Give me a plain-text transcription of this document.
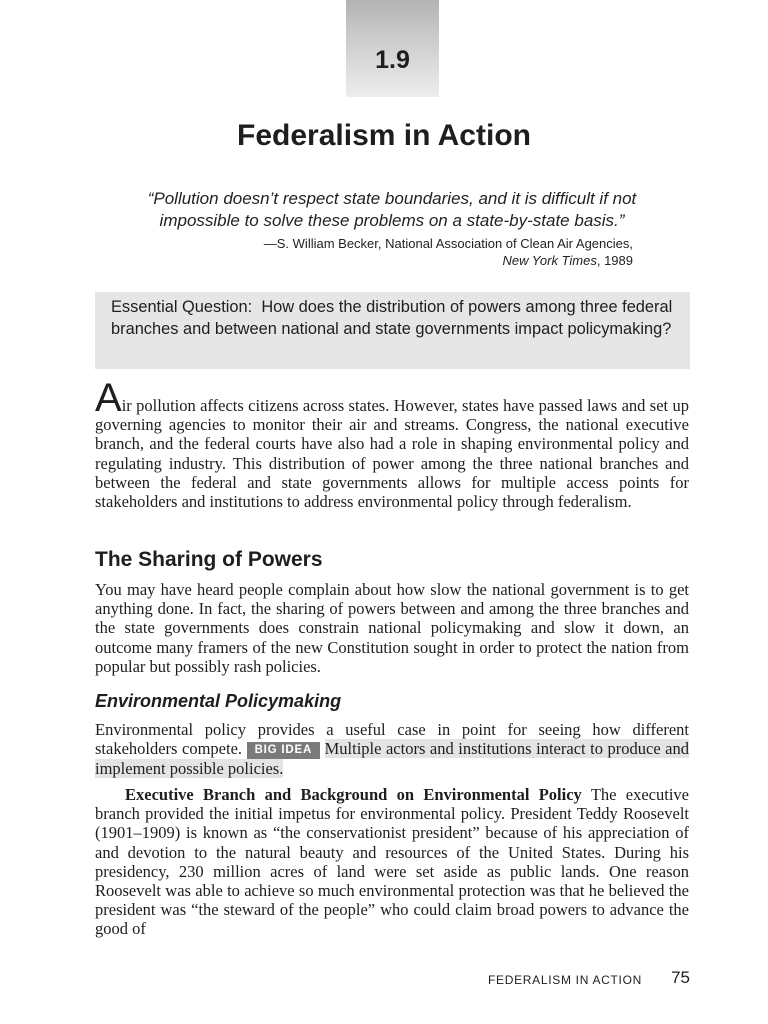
1.9
Federalism in Action

“Pollution doesn’t respect state boundaries, and it is difficult if not impossible to solve these problems on a state-by-state basis.”

—S. William Becker, National Association of Clean Air Agencies,
New York Times, 1989
Essential Question: How does the distribution of powers among three federal branches and between national and state governments impact policymaking?

Air pollution affects citizens across states. However, states have passed laws and set up governing agencies to monitor their air and streams. Congress, the national executive branch, and the federal courts have also had a role in shaping environmental policy and regulating industry. This distribution of power among the three national branches and between the federal and state governments allows for multiple access points for stakeholders and institutions to address environmental policy through federalism.

The Sharing of Powers

You may have heard people complain about how slow the national government is to get anything done. In fact, the sharing of powers between and among the three branches and the state governments does constrain national policymaking and slow it down, an outcome many framers of the new Constitution sought in order to protect the nation from popular but possibly rash policies.

Environmental Policymaking

Environmental policy provides a useful case in point for seeing how different stakeholders compete. BIG IDEA Multiple actors and institutions interact to produce and implement possible policies.

Executive Branch and Background on Environmental Policy The executive branch provided the initial impetus for environmental policy. President Teddy Roosevelt (1901–1909) is known as “the conservationist president” because of his appreciation of and devotion to the natural beauty and resources of the United States. During his presidency, 230 million acres of land were set aside as public lands. One reason Roosevelt was able to achieve so much environmental protection was that he believed the president was “the steward of the people” who could claim broad powers to advance the good of

FEDERALISM IN ACTION 75
